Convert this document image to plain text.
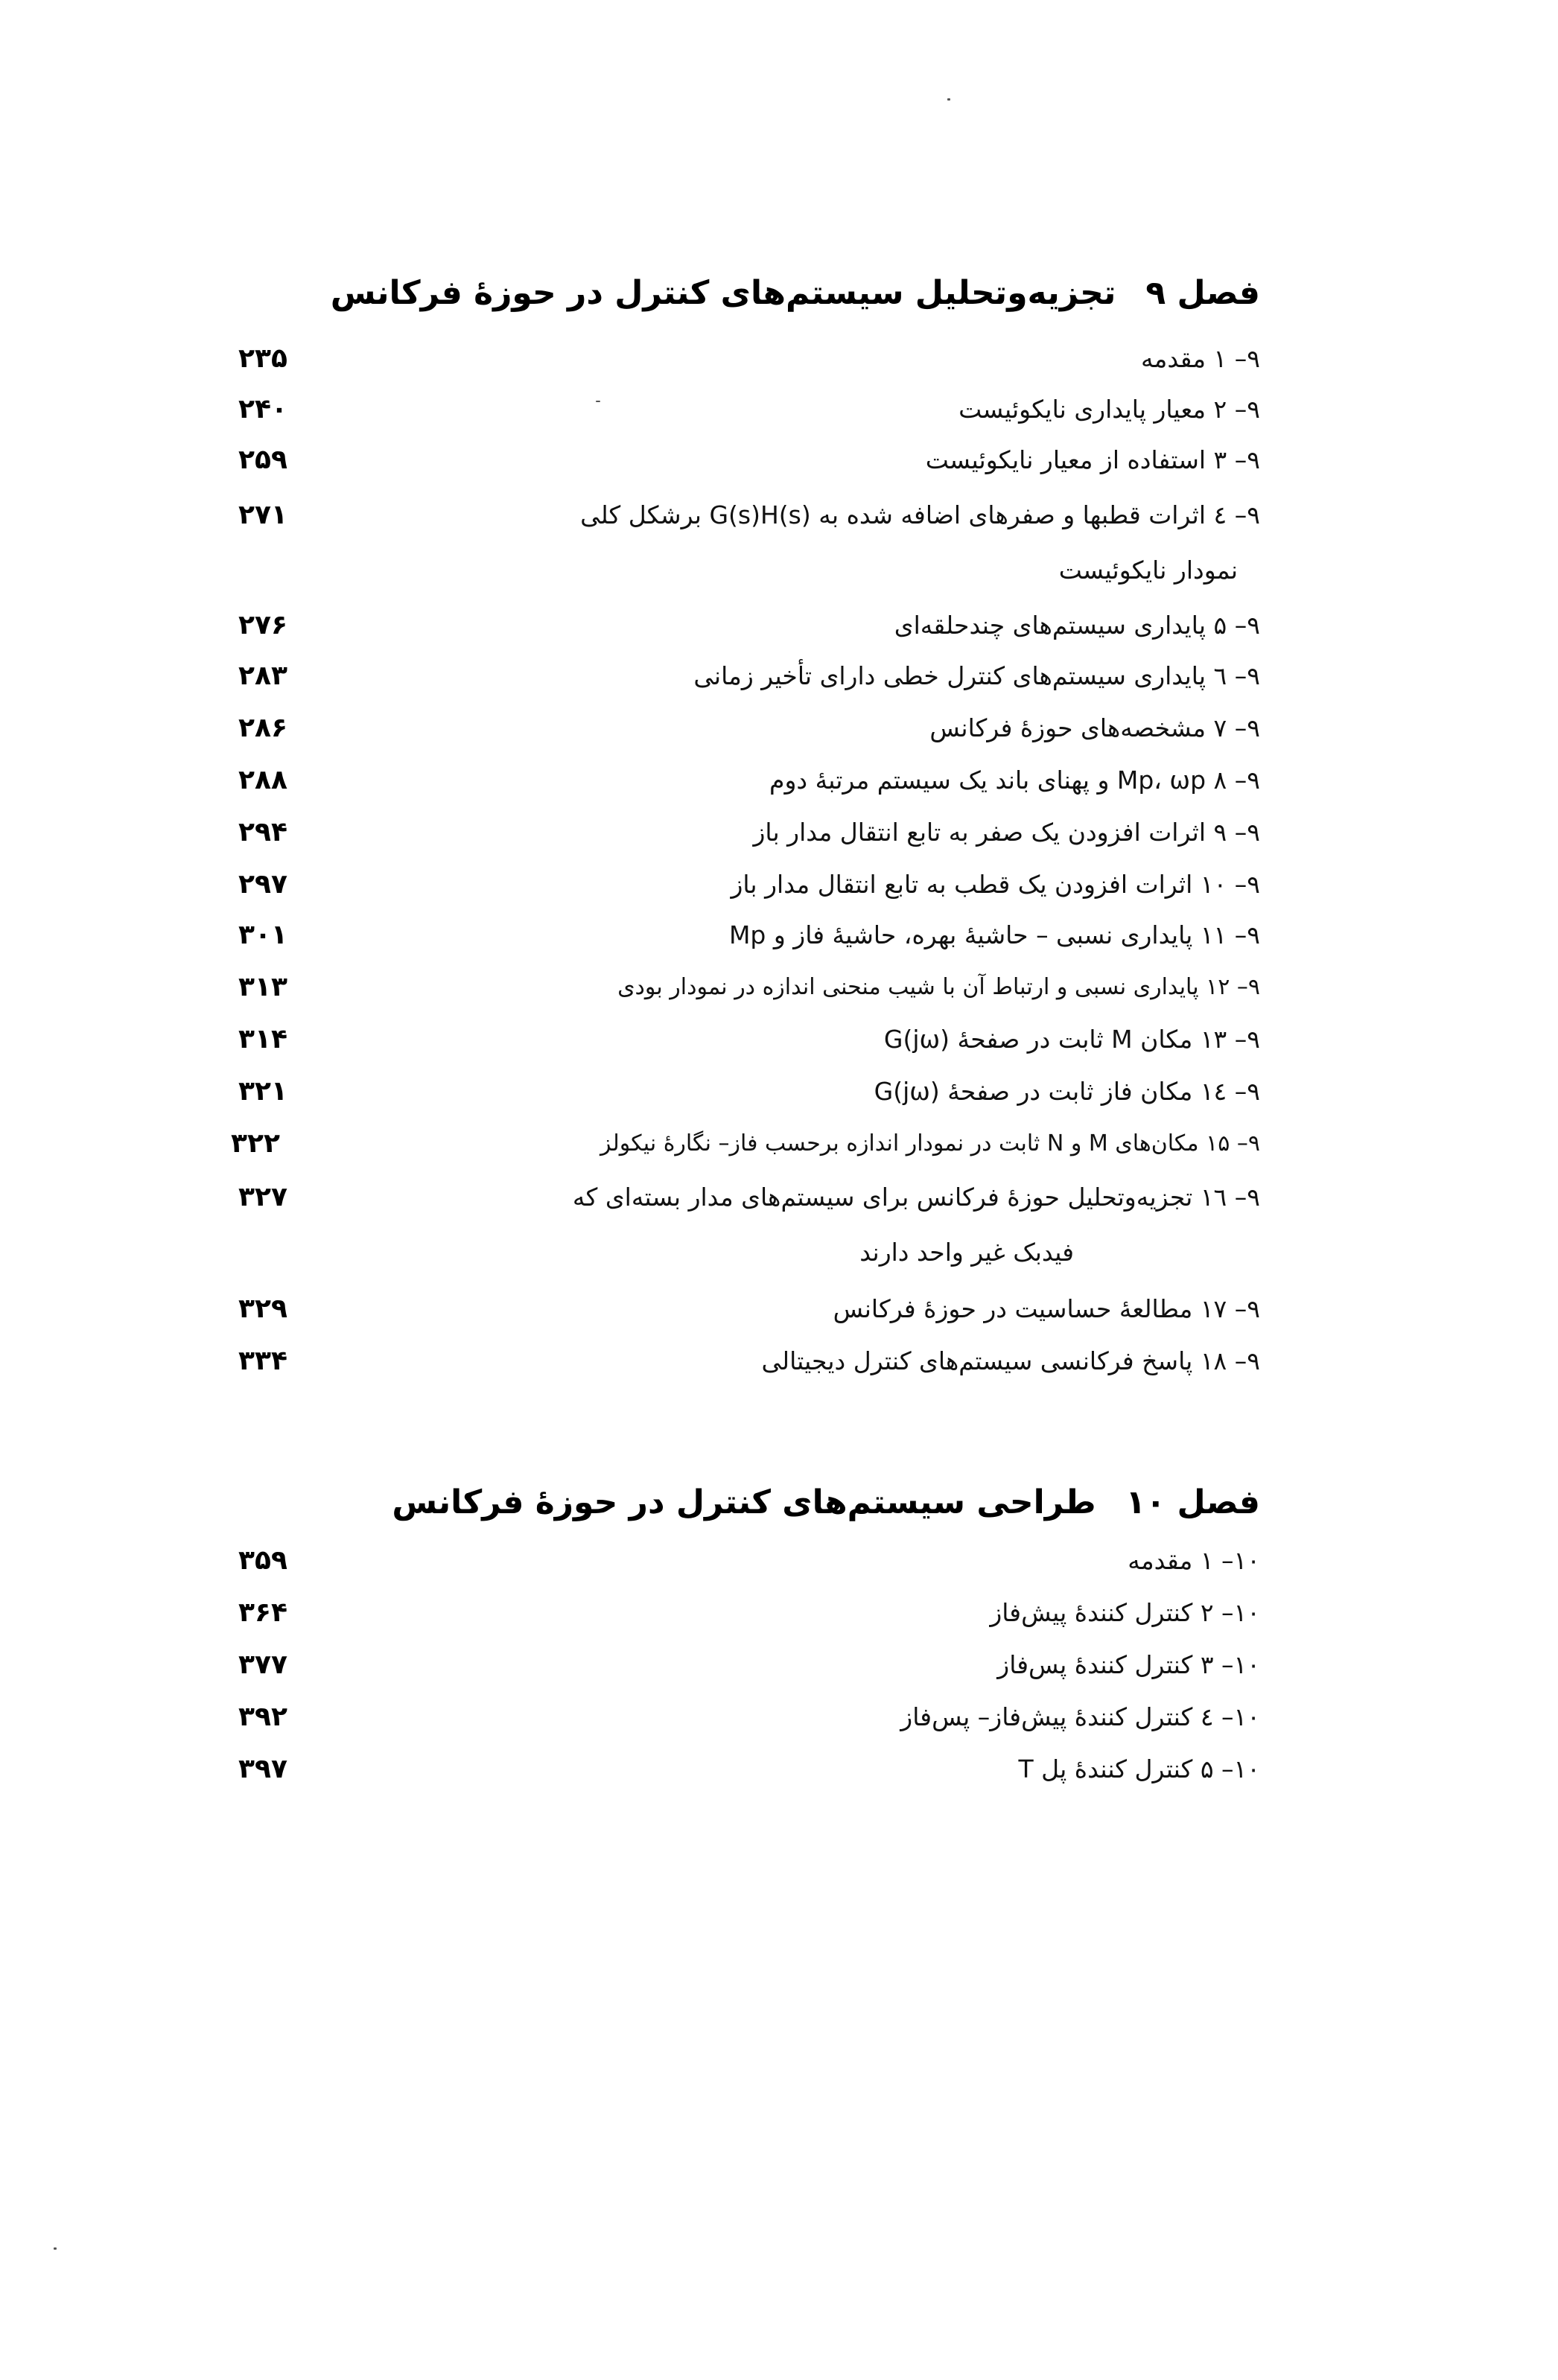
فصل ۹تجزیه‌وتحلیل سیستم‌های کنترل در حوزهٔ فرکانس
۹– ۱ مقدمه
۲۳۵
۹– ۲ معیار پایداری نایکوئیست
۲۴۰
۹– ۳ استفاده از معیار نایکوئیست
۲۵۹
۹– ٤ اثرات قطبها و صفرهای اضافه شده به G(s)H(s) برشکل کلی
۲۷۱
نمودار نایکوئیست
۹– ۵ پایداری سیستم‌های چندحلقه‌ای
۲۷۶
۹– ٦ پایداری سیستم‌های کنترل خطی دارای تأخیر زمانی
۲۸۳
۹– ۷ مشخصه‌های حوزهٔ فرکانس
۲۸۶
۹– ۸ Mp، ωp و پهنای باند یک سیستم مرتبهٔ دوم
۲۸۸
۹– ۹ اثرات افزودن یک صفر به تابع انتقال مدار باز
۲۹۴
۹– ۱۰ اثرات افزودن یک قطب به تابع انتقال مدار باز
۲۹۷
۹– ۱۱ پایداری نسبی – حاشیهٔ بهره، حاشیهٔ فاز و Mp
۳۰۱
۹– ۱۲ پایداری نسبی و ارتباط آن با شیب منحنی اندازه در نمودار بودی
۳۱۳
۹– ۱۳ مکان M ثابت در صفحهٔ G(jω)
۳۱۴
۹– ١٤ مکان فاز ثابت در صفحهٔ G(jω)
۳۲۱
۹– ۱۵ مکان‌های M و N ثابت در نمودار اندازه برحسب فاز– نگارهٔ نیکولز
۳۲۲
۹– ١٦ تجزیه‌وتحلیل حوزهٔ فرکانس برای سیستم‌های مدار بسته‌ای که
۳۲۷
فیدبک غیر واحد دارند
۹– ۱۷ مطالعهٔ حساسیت در حوزهٔ فرکانس
۳۲۹
۹– ۱۸ پاسخ فرکانسی سیستم‌های کنترل دیجیتالی
۳۳۴
فصل ۱۰طراحی سیستم‌های کنترل در حوزهٔ فرکانس
۱۰– ۱ مقدمه
۳۵۹
۱۰– ۲ کنترل کنندهٔ پیش‌فاز
۳۶۴
۱۰– ۳ کنترل کنندهٔ پس‌فاز
۳۷۷
۱۰– ٤ کنترل کنندهٔ پیش‌فاز– پس‌فاز
۳۹۲
۱۰– ۵ کنترل کنندهٔ پل T
۳۹۷
